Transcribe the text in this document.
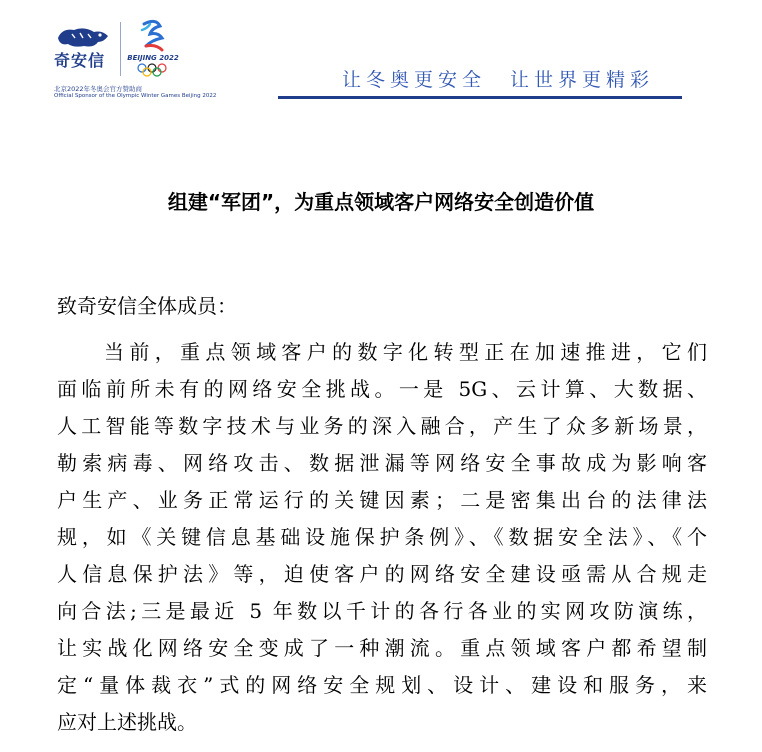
奇安信	BEIJING 2022
北京2022年冬奥会官方赞助商
Official Sponsor of the Olympic Winter Games Beijing 2022
让冬奥更安全　让世界更精彩
组建“军团”，为重点领域客户网络安全创造价值
致奇安信全体成员：
当前，重点领域客户的数字化转型正在加速推进，它们
面临前所未有的网络安全挑战。一是 5G、云计算、大数据、
人工智能等数字技术与业务的深入融合，产生了众多新场景，
勒索病毒、网络攻击、数据泄漏等网络安全事故成为影响客
户生产、业务正常运行的关键因素；二是密集出台的法律法
规，如《关键信息基础设施保护条例》、《数据安全法》、《个
人信息保护法》等，迫使客户的网络安全建设亟需从合规走
向合法;三是最近 5 年数以千计的各行各业的实网攻防演练，
让实战化网络安全变成了一种潮流。重点领域客户都希望制
定“量体裁衣”式的网络安全规划、设计、建设和服务，来
应对上述挑战。
